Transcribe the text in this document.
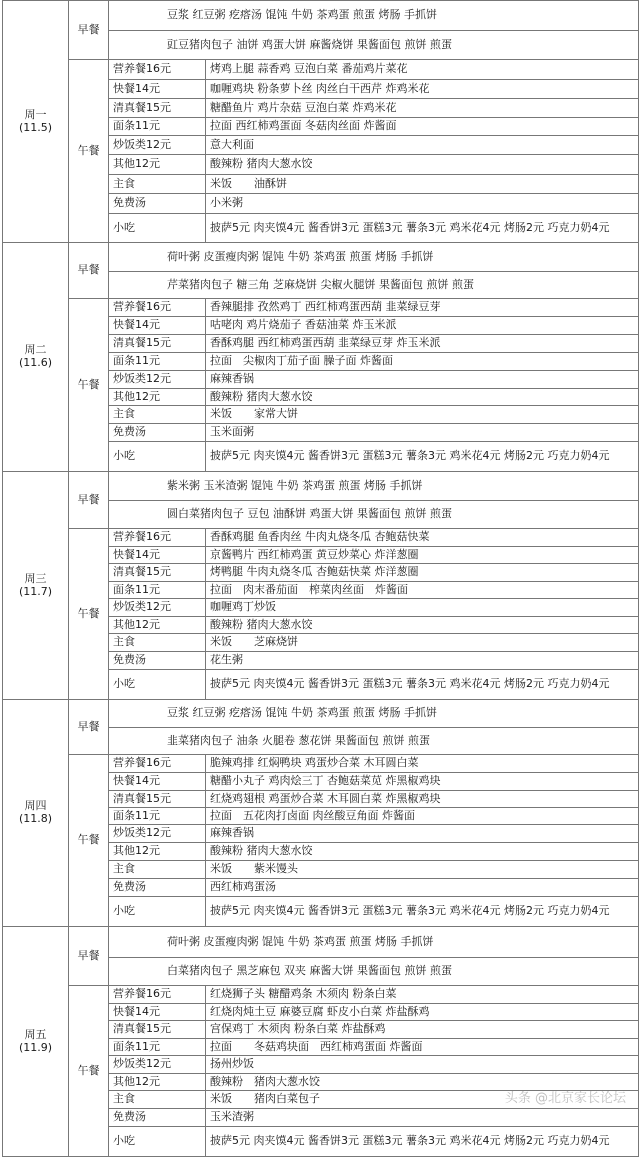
周一
(11.5)	早餐	豆浆 红豆粥 疙瘩汤 馄饨 牛奶 茶鸡蛋 煎蛋 烤肠 手抓饼	
		豇豆猪肉包子 油饼 鸡蛋大饼 麻酱烧饼 果酱面包 煎饼 煎蛋	
	午餐	营养餐16元	烤鸡上腿 蒜香鸡 豆泡白菜 番茄鸡片菜花
		快餐14元	咖喱鸡块 粉条萝卜丝 肉丝白干西芹 炸鸡米花
		清真餐15元	糖醋鱼片 鸡片杂菇 豆泡白菜 炸鸡米花
		面条11元	拉面 西红柿鸡蛋面 冬菇肉丝面 炸酱面
		炒饭类12元	意大利面
		其他12元	酸辣粉 猪肉大葱水饺
		主食	米饭　　油酥饼
		免费汤	小米粥
		小吃	披萨5元 肉夹馍4元 酱香饼3元 蛋糕3元 薯条3元 鸡米花4元 烤肠2元 巧克力奶4元

周二
(11.6)	早餐	荷叶粥 皮蛋瘦肉粥 馄饨 牛奶 茶鸡蛋 煎蛋 烤肠 手抓饼	
		芹菜猪肉包子 糖三角 芝麻烧饼 尖椒火腿饼 果酱面包 煎饼 煎蛋	
	午餐	营养餐16元	香辣腿排 孜然鸡丁 西红柿鸡蛋西葫 韭菜绿豆芽
		快餐14元	咕咾肉 鸡片烧茄子 香菇油菜 炸玉米派
		清真餐15元	香酥鸡腿 西红柿鸡蛋西葫 韭菜绿豆芽 炸玉米派
		面条11元	拉面　尖椒肉丁茄子面 臊子面 炸酱面
		炒饭类12元	麻辣香锅
		其他12元	酸辣粉 猪肉大葱水饺
		主食	米饭　　家常大饼
		免费汤	玉米面粥
		小吃	披萨5元 肉夹馍4元 酱香饼3元 蛋糕3元 薯条3元 鸡米花4元 烤肠2元 巧克力奶4元

周三
(11.7)	早餐	紫米粥 玉米渣粥 馄饨 牛奶 茶鸡蛋 煎蛋 烤肠 手抓饼	
		圆白菜猪肉包子 豆包 油酥饼 鸡蛋大饼 果酱面包 煎饼 煎蛋	
	午餐	营养餐16元	香酥鸡腿 鱼香肉丝 牛肉丸烧冬瓜 杏鲍菇快菜
		快餐14元	京酱鸭片 西红柿鸡蛋 黄豆炒菜心 炸洋葱圈
		清真餐15元	烤鸭腿 牛肉丸烧冬瓜 杏鲍菇快菜 炸洋葱圈
		面条11元	拉面　肉末番茄面　榨菜肉丝面　炸酱面
		炒饭类12元	咖喱鸡丁炒饭
		其他12元	酸辣粉 猪肉大葱水饺
		主食	米饭　　芝麻烧饼
		免费汤	花生粥
		小吃	披萨5元 肉夹馍4元 酱香饼3元 蛋糕3元 薯条3元 鸡米花4元 烤肠2元 巧克力奶4元

周四
(11.8)	早餐	豆浆 红豆粥 疙瘩汤 馄饨 牛奶 茶鸡蛋 煎蛋 烤肠 手抓饼	
		韭菜猪肉包子 油条 火腿卷 葱花饼 果酱面包 煎饼 煎蛋	
	午餐	营养餐16元	脆辣鸡排 红焖鸭块 鸡蛋炒合菜 木耳圆白菜
		快餐14元	糖醋小丸子 鸡肉烩三丁 杏鲍菇菜苋 炸黑椒鸡块
		清真餐15元	红烧鸡翅根 鸡蛋炒合菜 木耳圆白菜 炸黑椒鸡块
		面条11元	拉面　五花肉打卤面 肉丝酸豆角面 炸酱面
		炒饭类12元	麻辣香锅
		其他12元	酸辣粉 猪肉大葱水饺
		主食	米饭　　紫米馒头
		免费汤	西红柿鸡蛋汤
		小吃	披萨5元 肉夹馍4元 酱香饼3元 蛋糕3元 薯条3元 鸡米花4元 烤肠2元 巧克力奶4元

周五
(11.9)	早餐	荷叶粥 皮蛋瘦肉粥 馄饨 牛奶 茶鸡蛋 煎蛋 烤肠 手抓饼	
		白菜猪肉包子 黑芝麻包 双夹 麻酱大饼 果酱面包 煎饼 煎蛋	
	午餐	营养餐16元	红烧狮子头 糖醋鸡条 木须肉 粉条白菜
		快餐14元	红烧肉炖土豆 麻婆豆腐 虾皮小白菜 炸盐酥鸡
		清真餐15元	宫保鸡丁 木须肉 粉条白菜 炸盐酥鸡
		面条11元	拉面　　冬菇鸡块面　西红柿鸡蛋面 炸酱面
		炒饭类12元	扬州炒饭
		其他12元	酸辣粉　猪肉大葱水饺
		主食	米饭　　猪肉白菜包子
		免费汤	玉米渣粥
		小吃	披萨5元 肉夹馍4元 酱香饼3元 蛋糕3元 薯条3元 鸡米花4元 烤肠2元 巧克力奶4元
头条 @北京家长论坛
